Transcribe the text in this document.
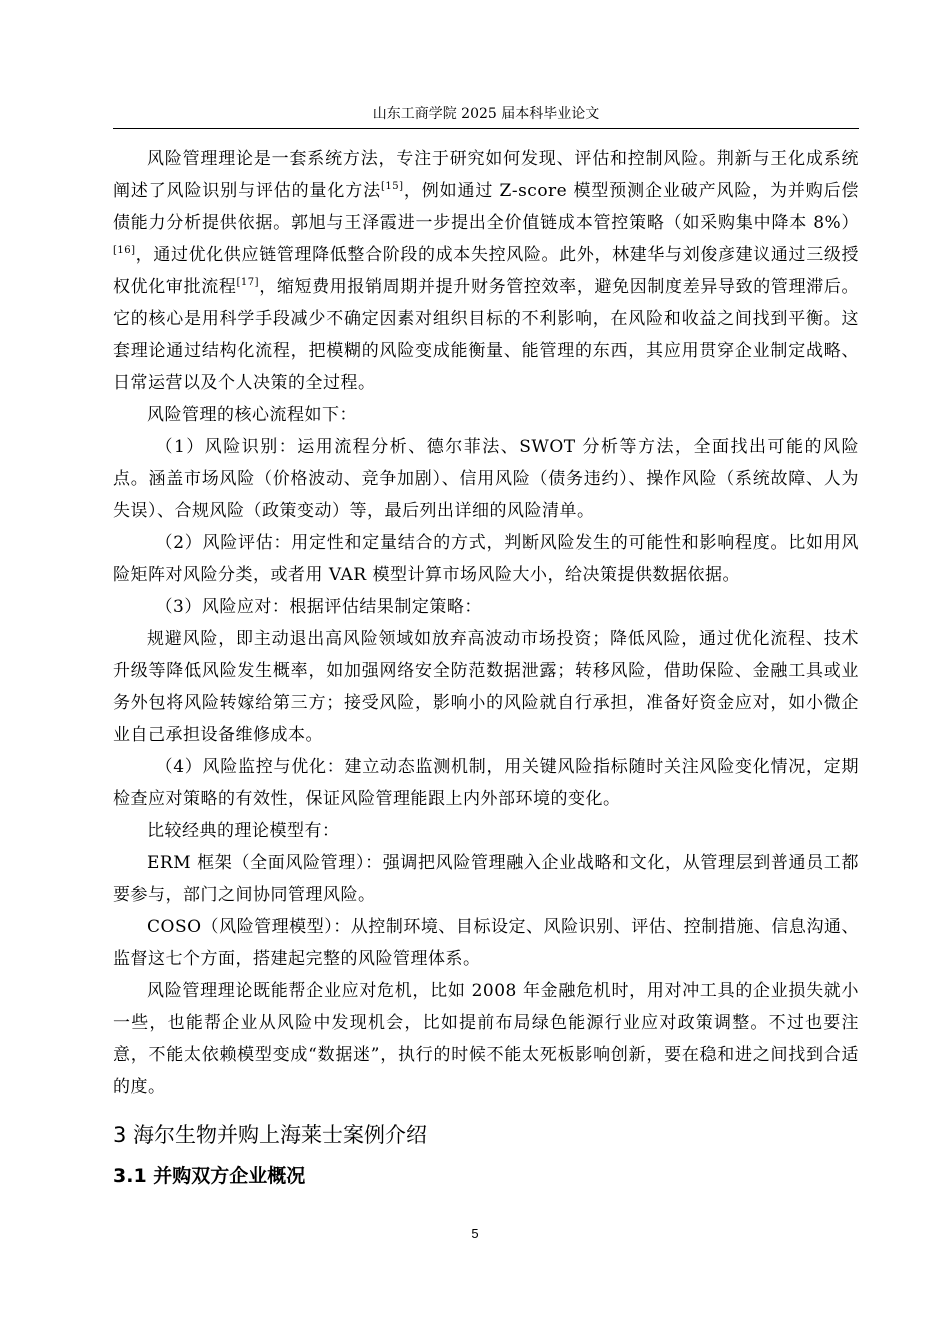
山东工商学院 2025 届本科毕业论文

风险管理理论是一套系统方法，专注于研究如何发现、评估和控制风险。荆新与王化成系统阐述了风险识别与评估的量化方法[15]，例如通过 Z-score 模型预测企业破产风险，为并购后偿债能力分析提供依据。郭旭与王泽霞进一步提出全价值链成本管控策略（如采购集中降本 8%）[16]，通过优化供应链管理降低整合阶段的成本失控风险。此外，林建华与刘俊彦建议通过三级授权优化审批流程[17]，缩短费用报销周期并提升财务管控效率，避免因制度差异导致的管理滞后。它的核心是用科学手段减少不确定因素对组织目标的不利影响，在风险和收益之间找到平衡。这套理论通过结构化流程，把模糊的风险变成能衡量、能管理的东西，其应用贯穿企业制定战略、日常运营以及个人决策的全过程。

风险管理的核心流程如下：

（1）风险识别：运用流程分析、德尔菲法、SWOT 分析等方法，全面找出可能的风险点。涵盖市场风险（价格波动、竞争加剧）、信用风险（债务违约）、操作风险（系统故障、人为失误）、合规风险（政策变动）等，最后列出详细的风险清单。

（2）风险评估：用定性和定量结合的方式，判断风险发生的可能性和影响程度。比如用风险矩阵对风险分类，或者用 VAR 模型计算市场风险大小，给决策提供数据依据。

（3）风险应对：根据评估结果制定策略：

规避风险，即主动退出高风险领域如放弃高波动市场投资；降低风险，通过优化流程、技术升级等降低风险发生概率，如加强网络安全防范数据泄露；转移风险，借助保险、金融工具或业务外包将风险转嫁给第三方；接受风险，影响小的风险就自行承担，准备好资金应对，如小微企业自己承担设备维修成本。

（4）风险监控与优化：建立动态监测机制，用关键风险指标随时关注风险变化情况，定期检查应对策略的有效性，保证风险管理能跟上内外部环境的变化。

比较经典的理论模型有：

ERM 框架（全面风险管理）：强调把风险管理融入企业战略和文化，从管理层到普通员工都要参与，部门之间协同管理风险。

COSO（风险管理模型）：从控制环境、目标设定、风险识别、评估、控制措施、信息沟通、监督这七个方面，搭建起完整的风险管理体系。

风险管理理论既能帮企业应对危机，比如 2008 年金融危机时，用对冲工具的企业损失就小一些，也能帮企业从风险中发现机会，比如提前布局绿色能源行业应对政策调整。不过也要注意，不能太依赖模型变成“数据迷”，执行的时候不能太死板影响创新，要在稳和进之间找到合适的度。

3 海尔生物并购上海莱士案例介绍
3.1 并购双方企业概况
5
